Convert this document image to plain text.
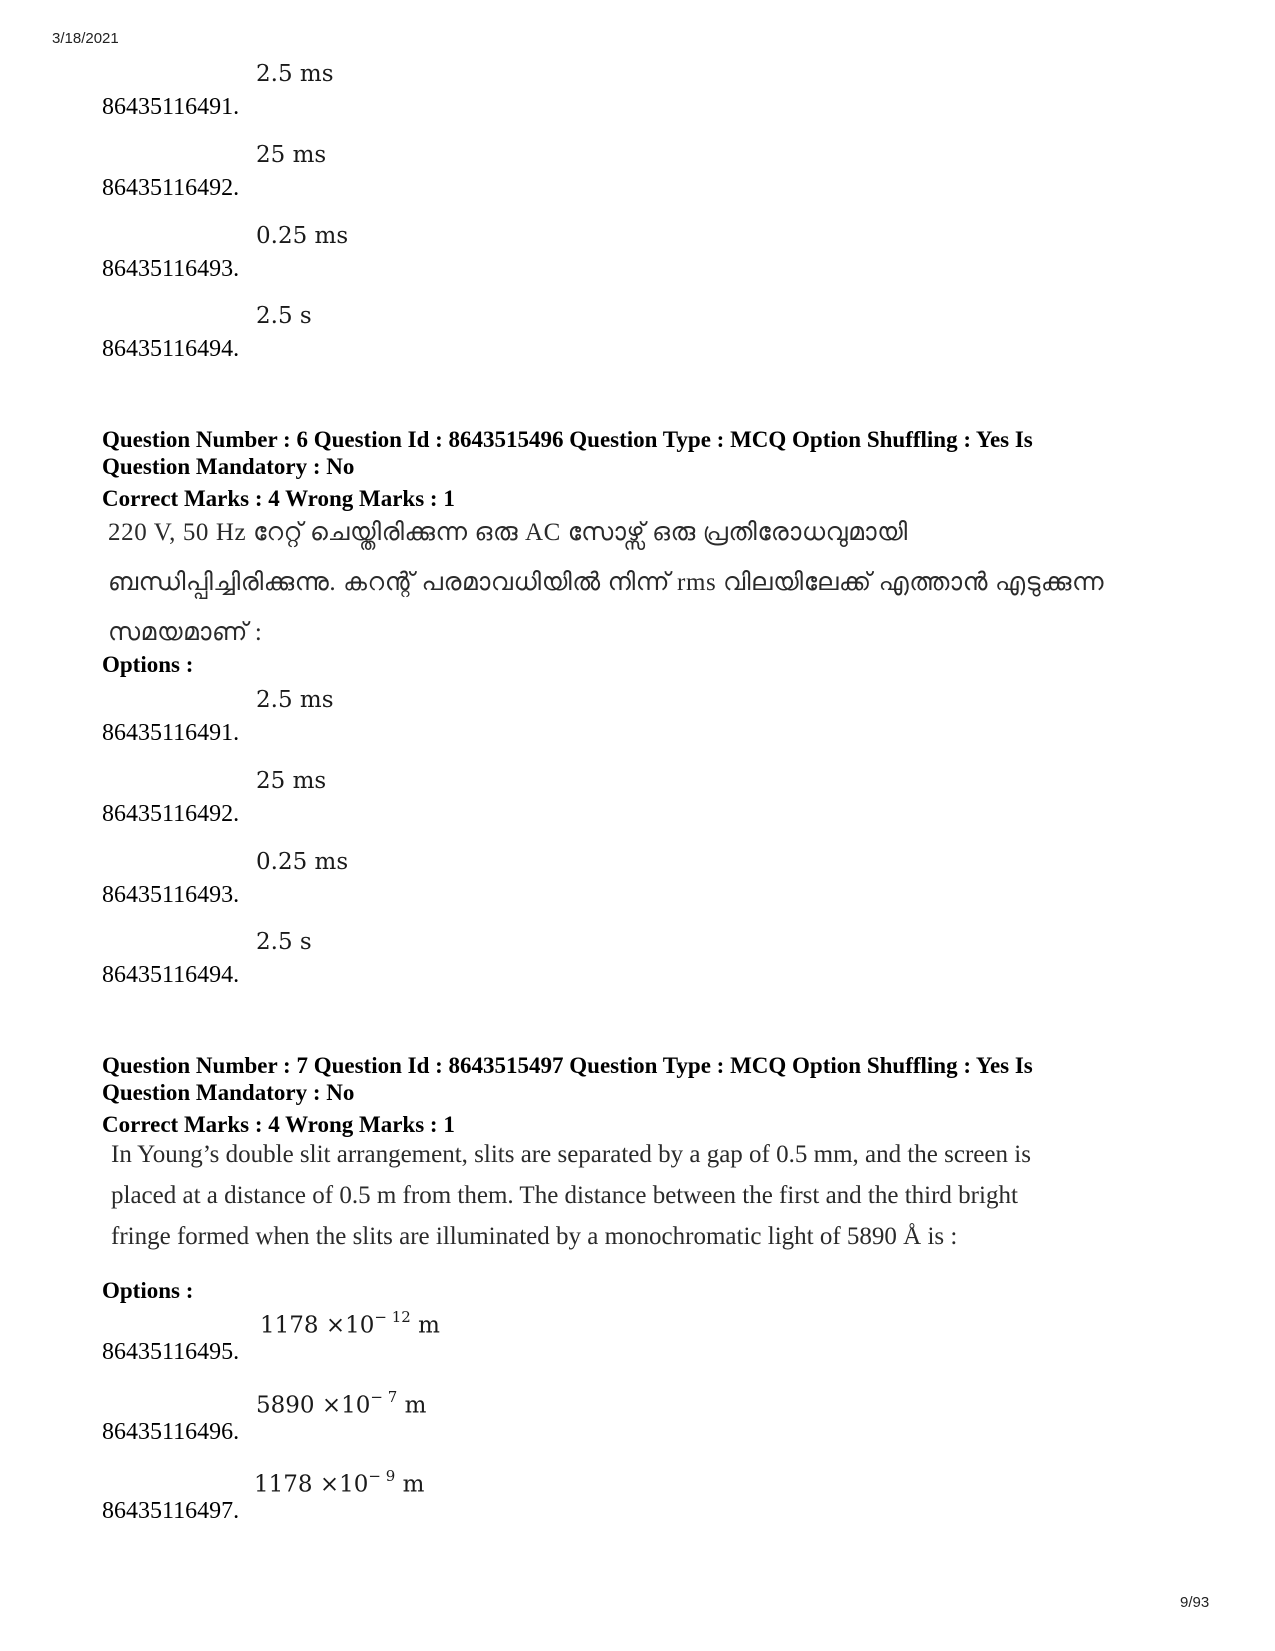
3/18/2021
86435116491.
2.5 ms
86435116492.
25 ms
86435116493.
0.25 ms
86435116494.
2.5 s
Question Number : 6 Question Id : 8643515496 Question Type : MCQ Option Shuffling : Yes Is
Question Mandatory : No
Correct Marks : 4 Wrong Marks : 1
220 V, 50 Hz റേറ്റ് ചെയ്തിരിക്കുന്ന ഒരു AC സോഴ്സ് ഒരു പ്രതിരോധവുമായി
ബന്ധിപ്പിച്ചിരിക്കുന്നു. കറന്റ് പരമാവധിയിൽ നിന്ന് rms വിലയിലേക്ക് എത്താൻ എടുക്കുന്ന
സമയമാണ് :
Options :
86435116491.
2.5 ms
86435116492.
25 ms
86435116493.
0.25 ms
86435116494.
2.5 s
Question Number : 7 Question Id : 8643515497 Question Type : MCQ Option Shuffling : Yes Is
Question Mandatory : No
Correct Marks : 4 Wrong Marks : 1
In Young’s double slit arrangement, slits are separated by a gap of 0.5 mm, and the screen is
placed at a distance of 0.5 m from them. The distance between the first and the third bright
fringe formed when the slits are illuminated by a monochromatic light of 5890 Å is :
Options :
86435116495.
$1178 \times 10^{- 12}$ m
86435116496.
$5890 \times 10^{- 7}$ m
86435116497.
$1178 \times 10^{- 9}$ m
9/93
